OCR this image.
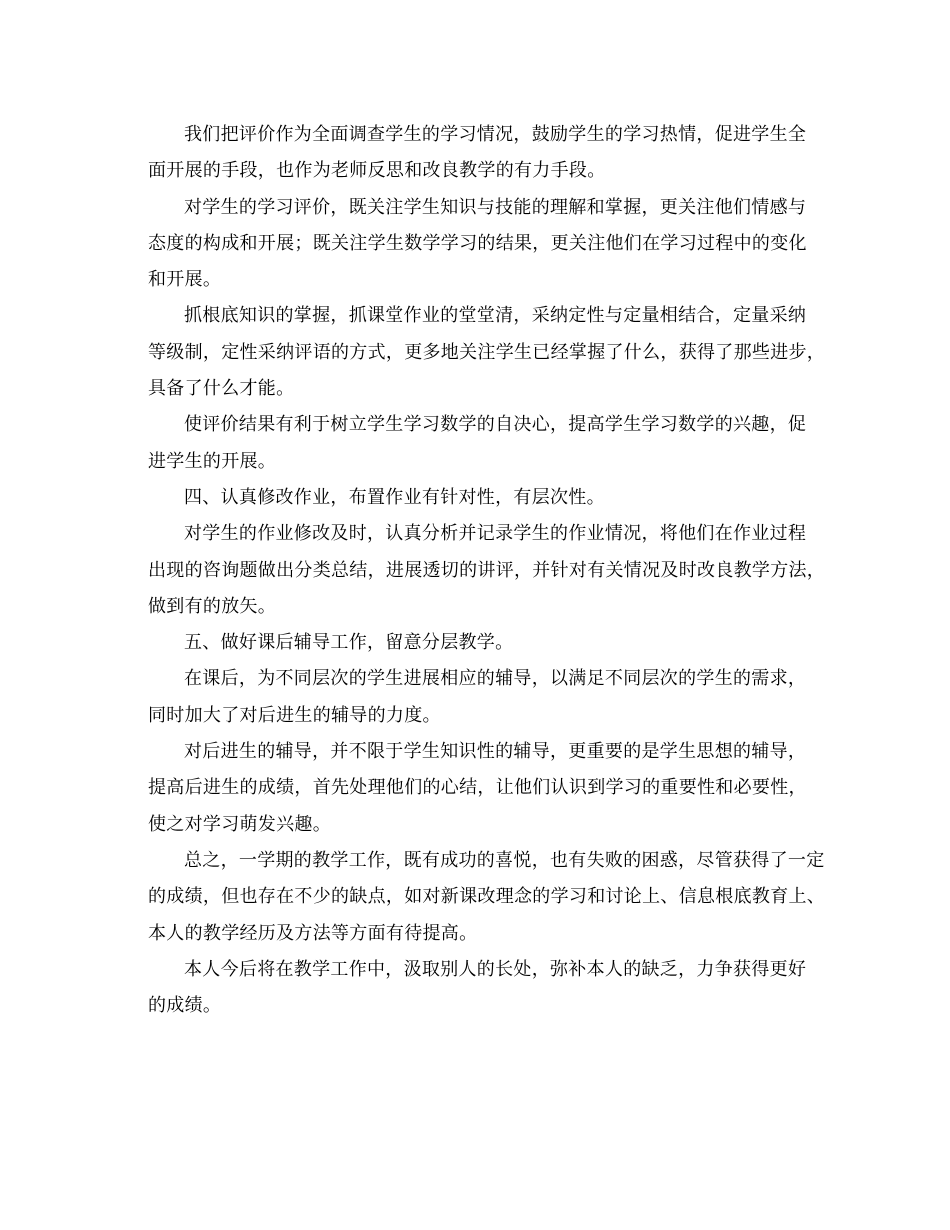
我们把评价作为全面调查学生的学习情况，鼓励学生的学习热情，促进学生全
面开展的手段，也作为老师反思和改良教学的有力手段。
对学生的学习评价，既关注学生知识与技能的理解和掌握，更关注他们情感与
态度的构成和开展；既关注学生数学学习的结果，更关注他们在学习过程中的变化
和开展。
抓根底知识的掌握，抓课堂作业的堂堂清，采纳定性与定量相结合，定量采纳
等级制，定性采纳评语的方式，更多地关注学生已经掌握了什么，获得了那些进步，
具备了什么才能。
使评价结果有利于树立学生学习数学的自决心，提高学生学习数学的兴趣，促
进学生的开展。
四、认真修改作业，布置作业有针对性，有层次性。
对学生的作业修改及时，认真分析并记录学生的作业情况，将他们在作业过程
出现的咨询题做出分类总结，进展透切的讲评，并针对有关情况及时改良教学方法，
做到有的放矢。
五、做好课后辅导工作，留意分层教学。
在课后，为不同层次的学生进展相应的辅导，以满足不同层次的学生的需求，
同时加大了对后进生的辅导的力度。
对后进生的辅导，并不限于学生知识性的辅导，更重要的是学生思想的辅导，
提高后进生的成绩，首先处理他们的心结，让他们认识到学习的重要性和必要性，
使之对学习萌发兴趣。
总之，一学期的教学工作，既有成功的喜悦，也有失败的困惑，尽管获得了一定
的成绩，但也存在不少的缺点，如对新课改理念的学习和讨论上、信息根底教育上、
本人的教学经历及方法等方面有待提高。
本人今后将在教学工作中，汲取别人的长处，弥补本人的缺乏，力争获得更好
的成绩。
